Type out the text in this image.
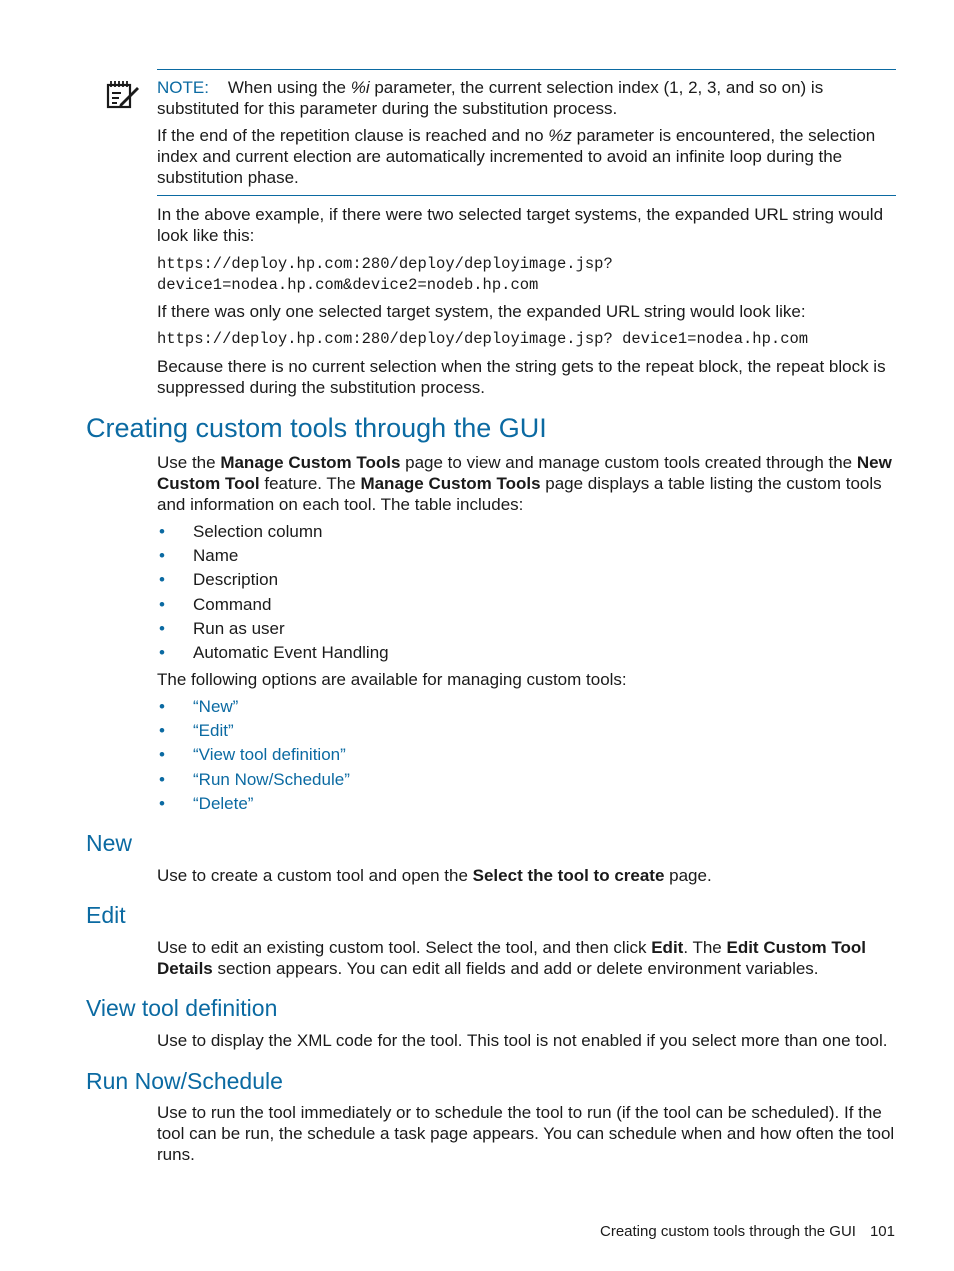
NOTE: When using the %i parameter, the current selection index (1, 2, 3, and so on) is substituted for this parameter during the substitution process.
If the end of the repetition clause is reached and no %z parameter is encountered, the selection index and current election are automatically incremented to avoid an infinite loop during the substitution phase.
In the above example, if there were two selected target systems, the expanded URL string would look like this:
https://deploy.hp.com:280/deploy/deployimage.jsp?
device1=nodea.hp.com&device2=nodeb.hp.com
If there was only one selected target system, the expanded URL string would look like:
https://deploy.hp.com:280/deploy/deployimage.jsp? device1=nodea.hp.com
Because there is no current selection when the string gets to the repeat block, the repeat block is suppressed during the substitution process.
Creating custom tools through the GUI
Use the Manage Custom Tools page to view and manage custom tools created through the New Custom Tool feature. The Manage Custom Tools page displays a table listing the custom tools and information on each tool. The table includes:
• Selection column
• Name
• Description
• Command
• Run as user
• Automatic Event Handling
The following options are available for managing custom tools:
• “New”
• “Edit”
• “View tool definition”
• “Run Now/Schedule”
• “Delete”
New
Use to create a custom tool and open the Select the tool to create page.
Edit
Use to edit an existing custom tool. Select the tool, and then click Edit. The Edit Custom Tool Details section appears. You can edit all fields and add or delete environment variables.
View tool definition
Use to display the XML code for the tool. This tool is not enabled if you select more than one tool.
Run Now/Schedule
Use to run the tool immediately or to schedule the tool to run (if the tool can be scheduled). If the tool can be run, the schedule a task page appears. You can schedule when and how often the tool runs.
Creating custom tools through the GUI 101
